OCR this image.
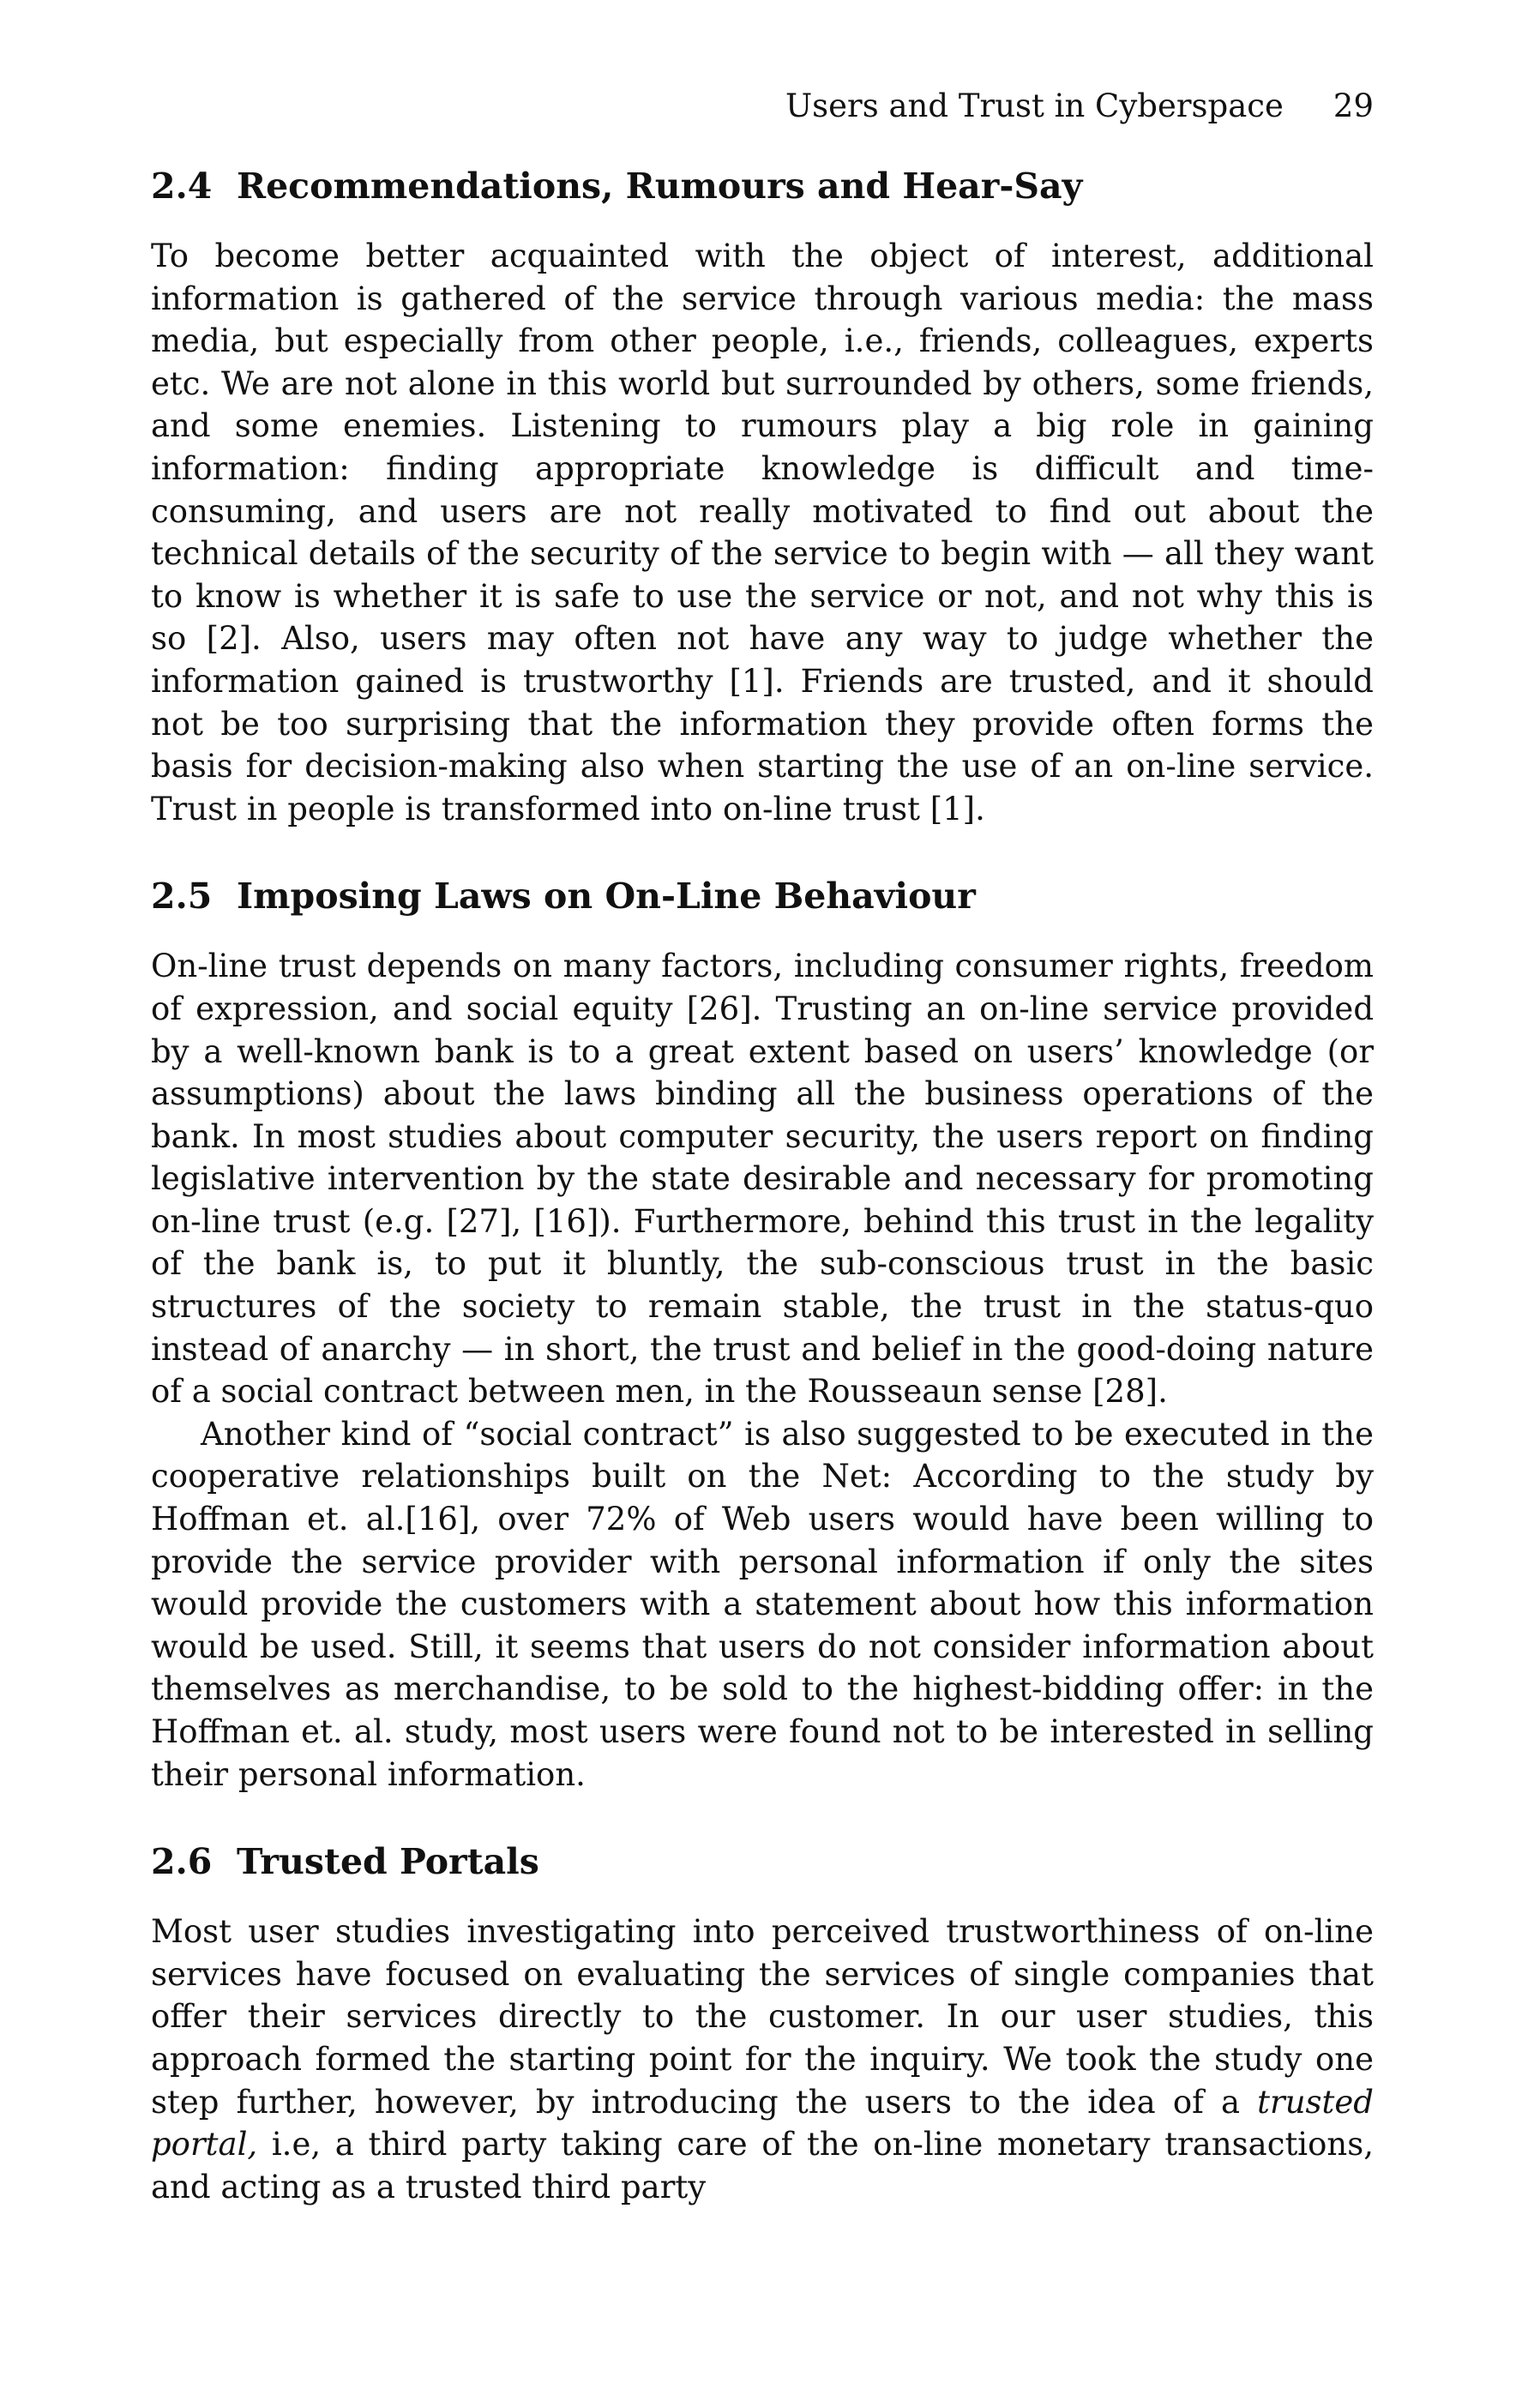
Users and Trust in Cyberspace 29
2.4 Recommendations, Rumours and Hear-Say

To become better acquainted with the object of interest, additional information is gathered of the service through various media: the mass media, but especially from other people, i.e., friends, colleagues, experts etc. We are not alone in this world but surrounded by others, some friends, and some enemies. Listening to rumours play a big role in gaining information: finding appropriate knowledge is difficult and time-consuming, and users are not really motivated to find out about the technical details of the security of the service to begin with — all they want to know is whether it is safe to use the service or not, and not why this is so [2]. Also, users may often not have any way to judge whether the information gained is trustworthy [1]. Friends are trusted, and it should not be too surprising that the information they provide often forms the basis for decision-making also when starting the use of an on-line service. Trust in people is transformed into on-line trust [1].

2.5 Imposing Laws on On-Line Behaviour

On-line trust depends on many factors, including consumer rights, freedom of expression, and social equity [26]. Trusting an on-line service provided by a well-known bank is to a great extent based on users’ knowledge (or assumptions) about the laws binding all the business operations of the bank. In most studies about computer security, the users report on finding legislative intervention by the state desirable and necessary for promoting on-line trust (e.g. [27], [16]). Furthermore, behind this trust in the legality of the bank is, to put it bluntly, the sub-conscious trust in the basic structures of the society to remain stable, the trust in the status-quo instead of anarchy — in short, the trust and belief in the good-doing nature of a social contract between men, in the Rousseaun sense [28].

Another kind of “social contract” is also suggested to be executed in the cooperative relationships built on the Net: According to the study by Hoffman et. al.[16], over 72% of Web users would have been willing to provide the service provider with personal information if only the sites would provide the customers with a statement about how this information would be used. Still, it seems that users do not consider information about themselves as merchandise, to be sold to the highest-bidding offer: in the Hoffman et. al. study, most users were found not to be interested in selling their personal information.

2.6 Trusted Portals

Most user studies investigating into perceived trustworthiness of on-line services have focused on evaluating the services of single companies that offer their services directly to the customer. In our user studies, this approach formed the starting point for the inquiry. We took the study one step further, however, by introducing the users to the idea of a trusted portal, i.e, a third party taking care of the on-line monetary transactions, and acting as a trusted third party
